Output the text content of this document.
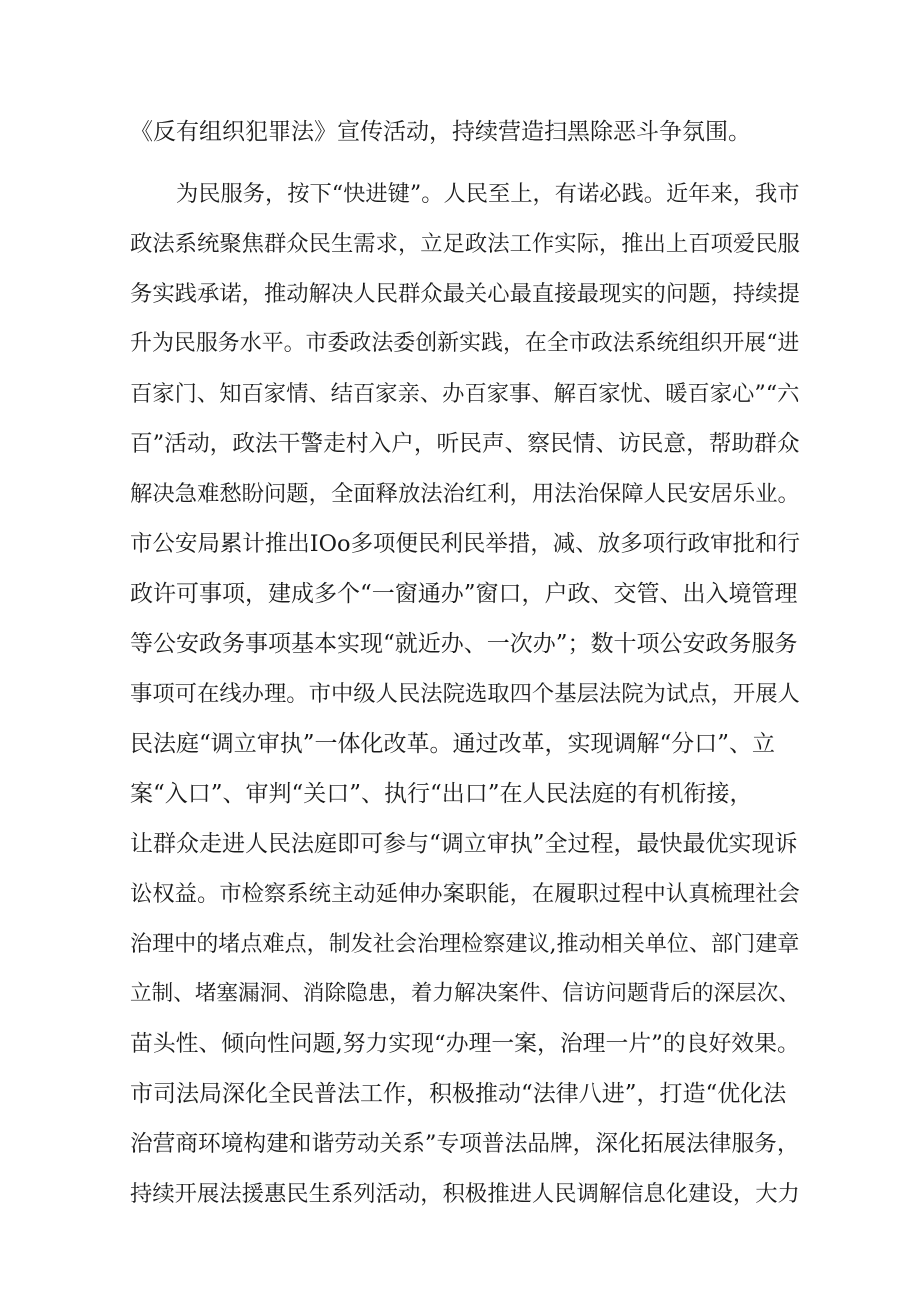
《反有组织犯罪法》宣传活动，持续营造扫黑除恶斗争氛围。
为民服务，按下“快进键”。人民至上，有诺必践。近年来，我市
政法系统聚焦群众民生需求，立足政法工作实际，推出上百项爱民服
务实践承诺，推动解决人民群众最关心最直接最现实的问题，持续提
升为民服务水平。市委政法委创新实践，在全市政法系统组织开展“进
百家门、知百家情、结百家亲、办百家事、解百家忧、暖百家心”“六
百”活动，政法干警走村入户，听民声、察民情、访民意，帮助群众
解决急难愁盼问题，全面释放法治红利，用法治保障人民安居乐业。
市公安局累计推出IOo多项便民利民举措，减、放多项行政审批和行
政许可事项，建成多个“一窗通办”窗口，户政、交管、出入境管理
等公安政务事项基本实现“就近办、一次办”；数十项公安政务服务
事项可在线办理。市中级人民法院选取四个基层法院为试点，开展人
民法庭“调立审执”一体化改革。通过改革，实现调解“分口”、立
案“入口”、审判“关口”、执行“出口”在人民法庭的有机衔接，
让群众走进人民法庭即可参与“调立审执”全过程，最快最优实现诉
讼权益。市检察系统主动延伸办案职能，在履职过程中认真梳理社会
治理中的堵点难点，制发社会治理检察建议,推动相关单位、部门建章
立制、堵塞漏洞、消除隐患，着力解决案件、信访问题背后的深层次、
苗头性、倾向性问题,努力实现“办理一案，治理一片”的良好效果。
市司法局深化全民普法工作，积极推动“法律八进”，打造“优化法
治营商环境构建和谐劳动关系”专项普法品牌，深化拓展法律服务，
持续开展法援惠民生系列活动，积极推进人民调解信息化建设，大力
